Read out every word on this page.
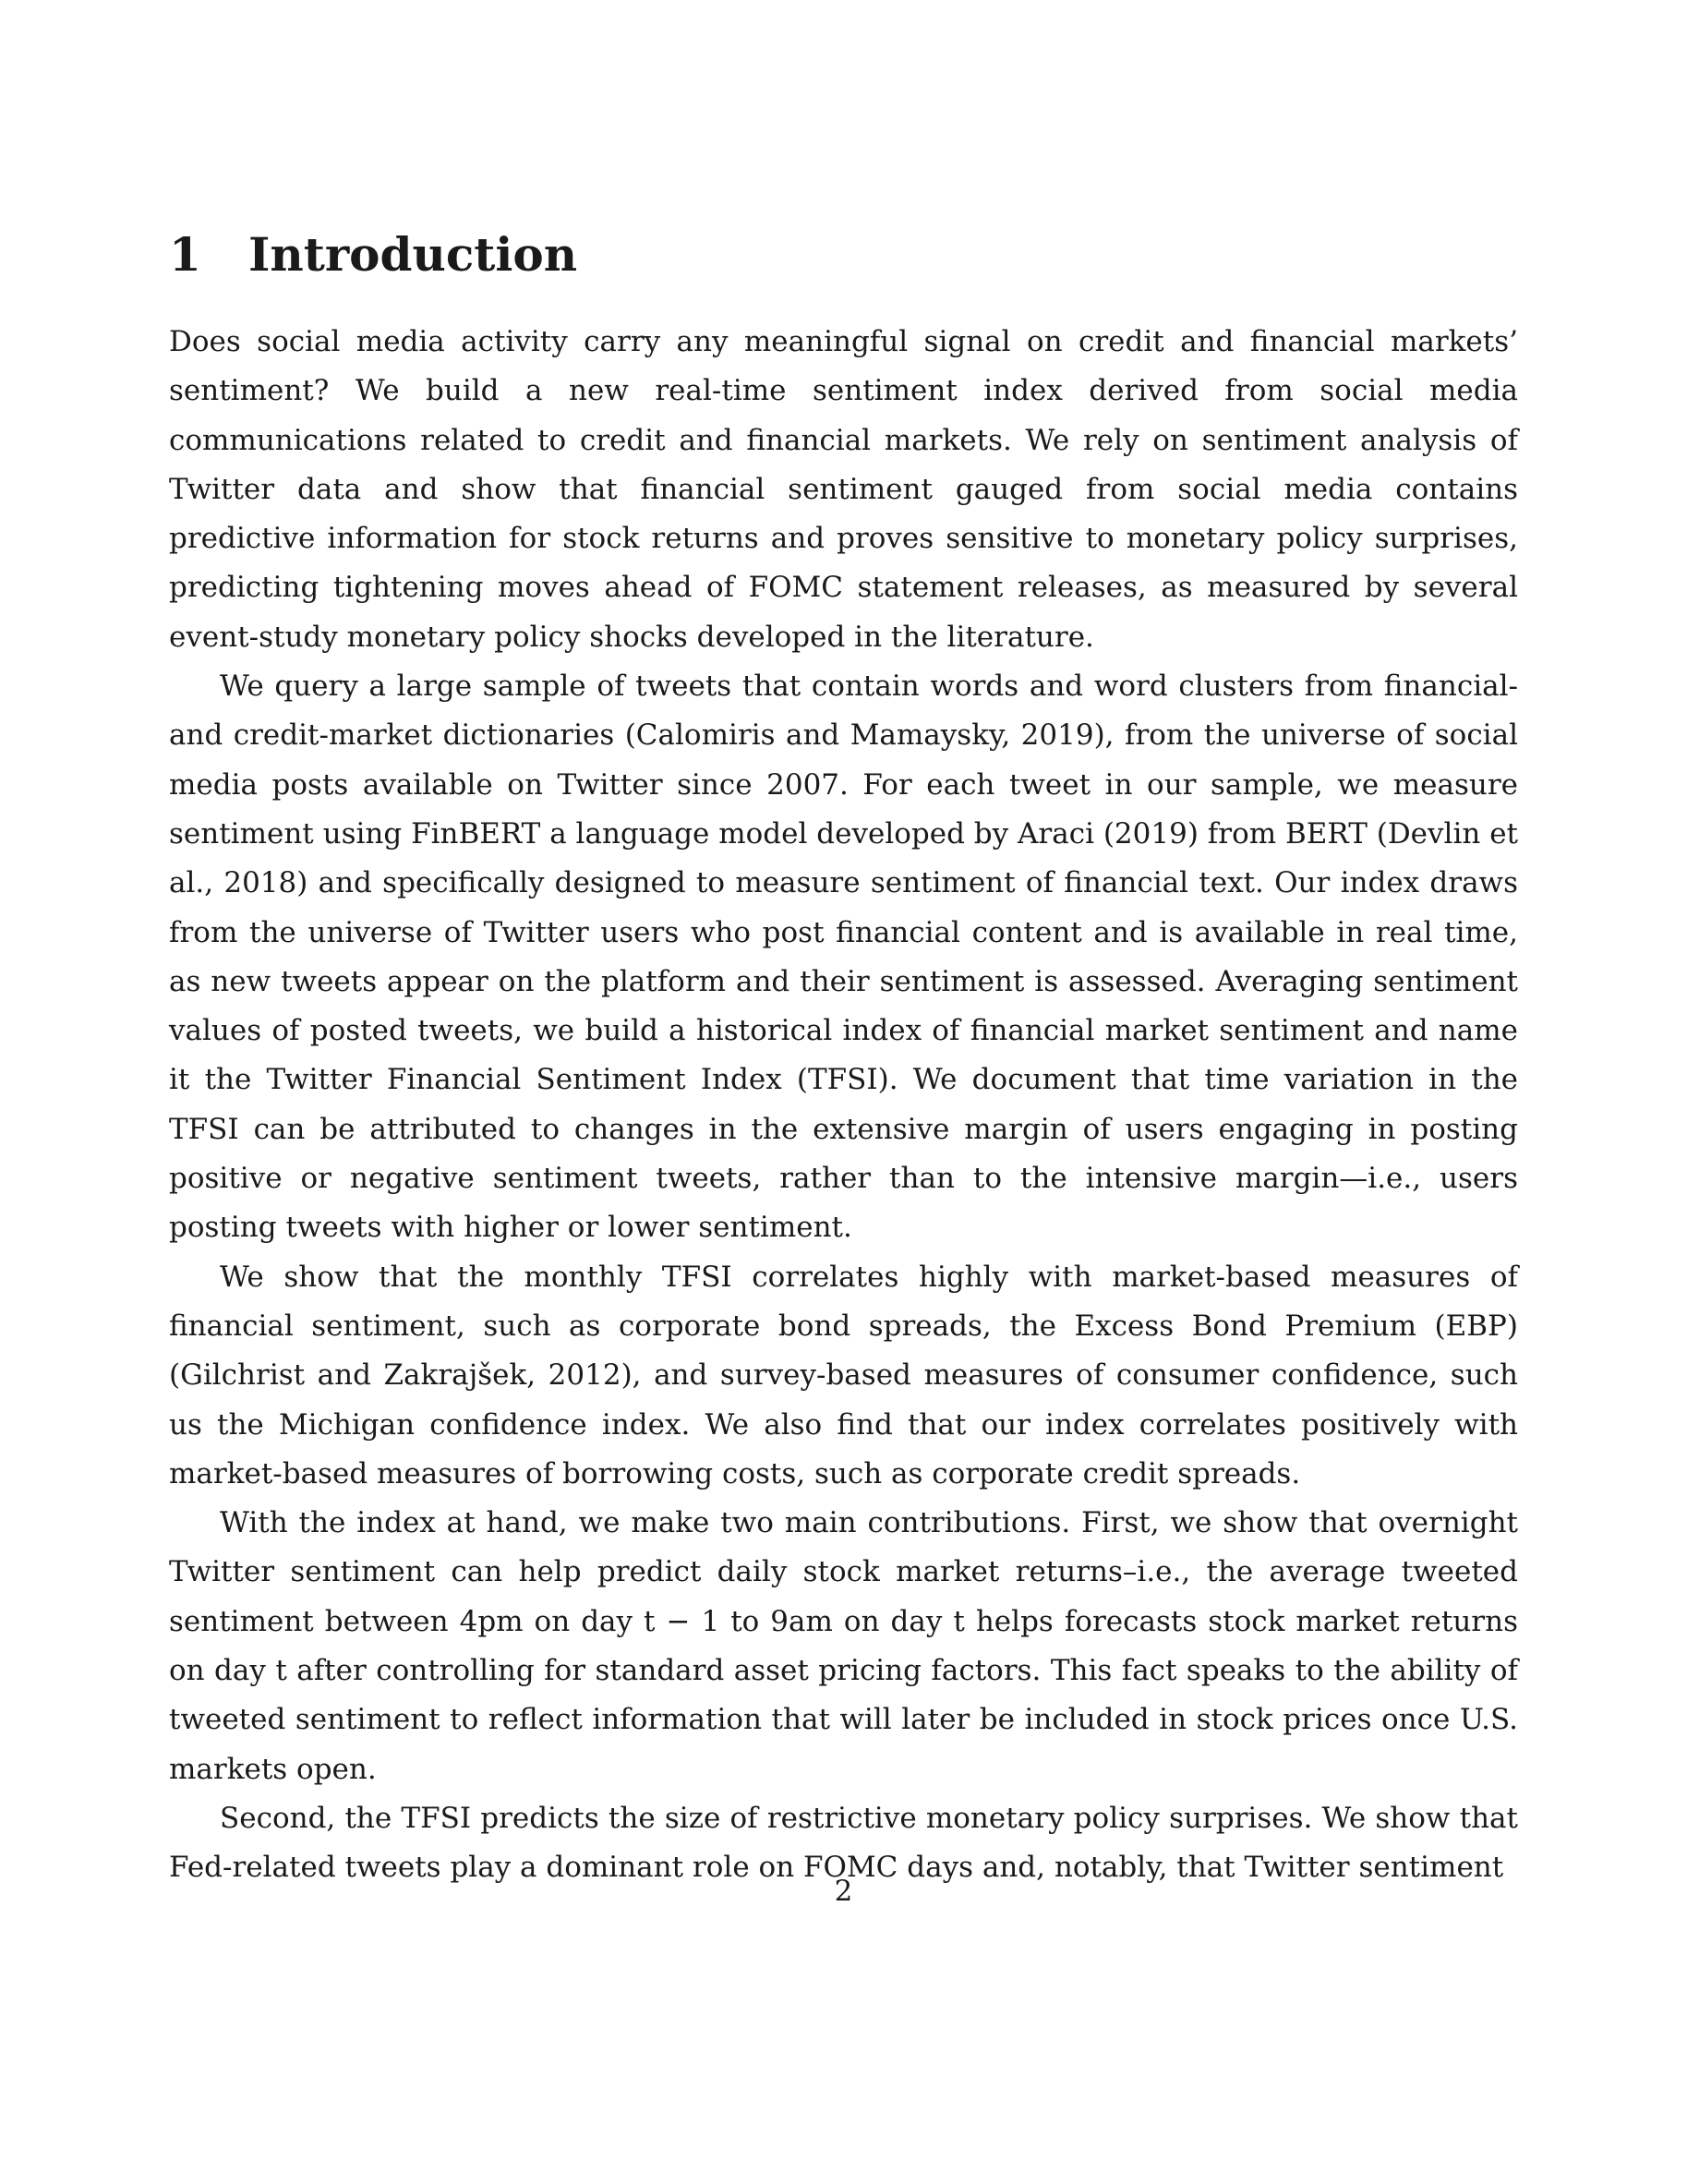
1 Introduction

Does social media activity carry any meaningful signal on credit and financial markets’ sentiment? We build a new real-time sentiment index derived from social media communications related to credit and financial markets. We rely on sentiment analysis of Twitter data and show that financial sentiment gauged from social media contains predictive information for stock returns and proves sensitive to monetary policy surprises, predicting tightening moves ahead of FOMC statement releases, as measured by several event-study monetary policy shocks developed in the literature.

We query a large sample of tweets that contain words and word clusters from financial- and credit-market dictionaries (Calomiris and Mamaysky, 2019), from the universe of social media posts available on Twitter since 2007. For each tweet in our sample, we measure sentiment using FinBERT a language model developed by Araci (2019) from BERT (Devlin et al., 2018) and specifically designed to measure sentiment of financial text. Our index draws from the universe of Twitter users who post financial content and is available in real time, as new tweets appear on the platform and their sentiment is assessed. Averaging sentiment values of posted tweets, we build a historical index of financial market sentiment and name it the Twitter Financial Sentiment Index (TFSI). We document that time variation in the TFSI can be attributed to changes in the extensive margin of users engaging in posting positive or negative sentiment tweets, rather than to the intensive margin—i.e., users posting tweets with higher or lower sentiment.

We show that the monthly TFSI correlates highly with market-based measures of financial sentiment, such as corporate bond spreads, the Excess Bond Premium (EBP) (Gilchrist and Zakrajšek, 2012), and survey-based measures of consumer confidence, such us the Michigan confidence index. We also find that our index correlates positively with market-based measures of borrowing costs, such as corporate credit spreads.

With the index at hand, we make two main contributions. First, we show that overnight Twitter sentiment can help predict daily stock market returns–i.e., the average tweeted sentiment between 4pm on day t − 1 to 9am on day t helps forecasts stock market returns on day t after controlling for standard asset pricing factors. This fact speaks to the ability of tweeted sentiment to reflect information that will later be included in stock prices once U.S. markets open.

Second, the TFSI predicts the size of restrictive monetary policy surprises. We show that Fed-related tweets play a dominant role on FOMC days and, notably, that Twitter sentiment

2
